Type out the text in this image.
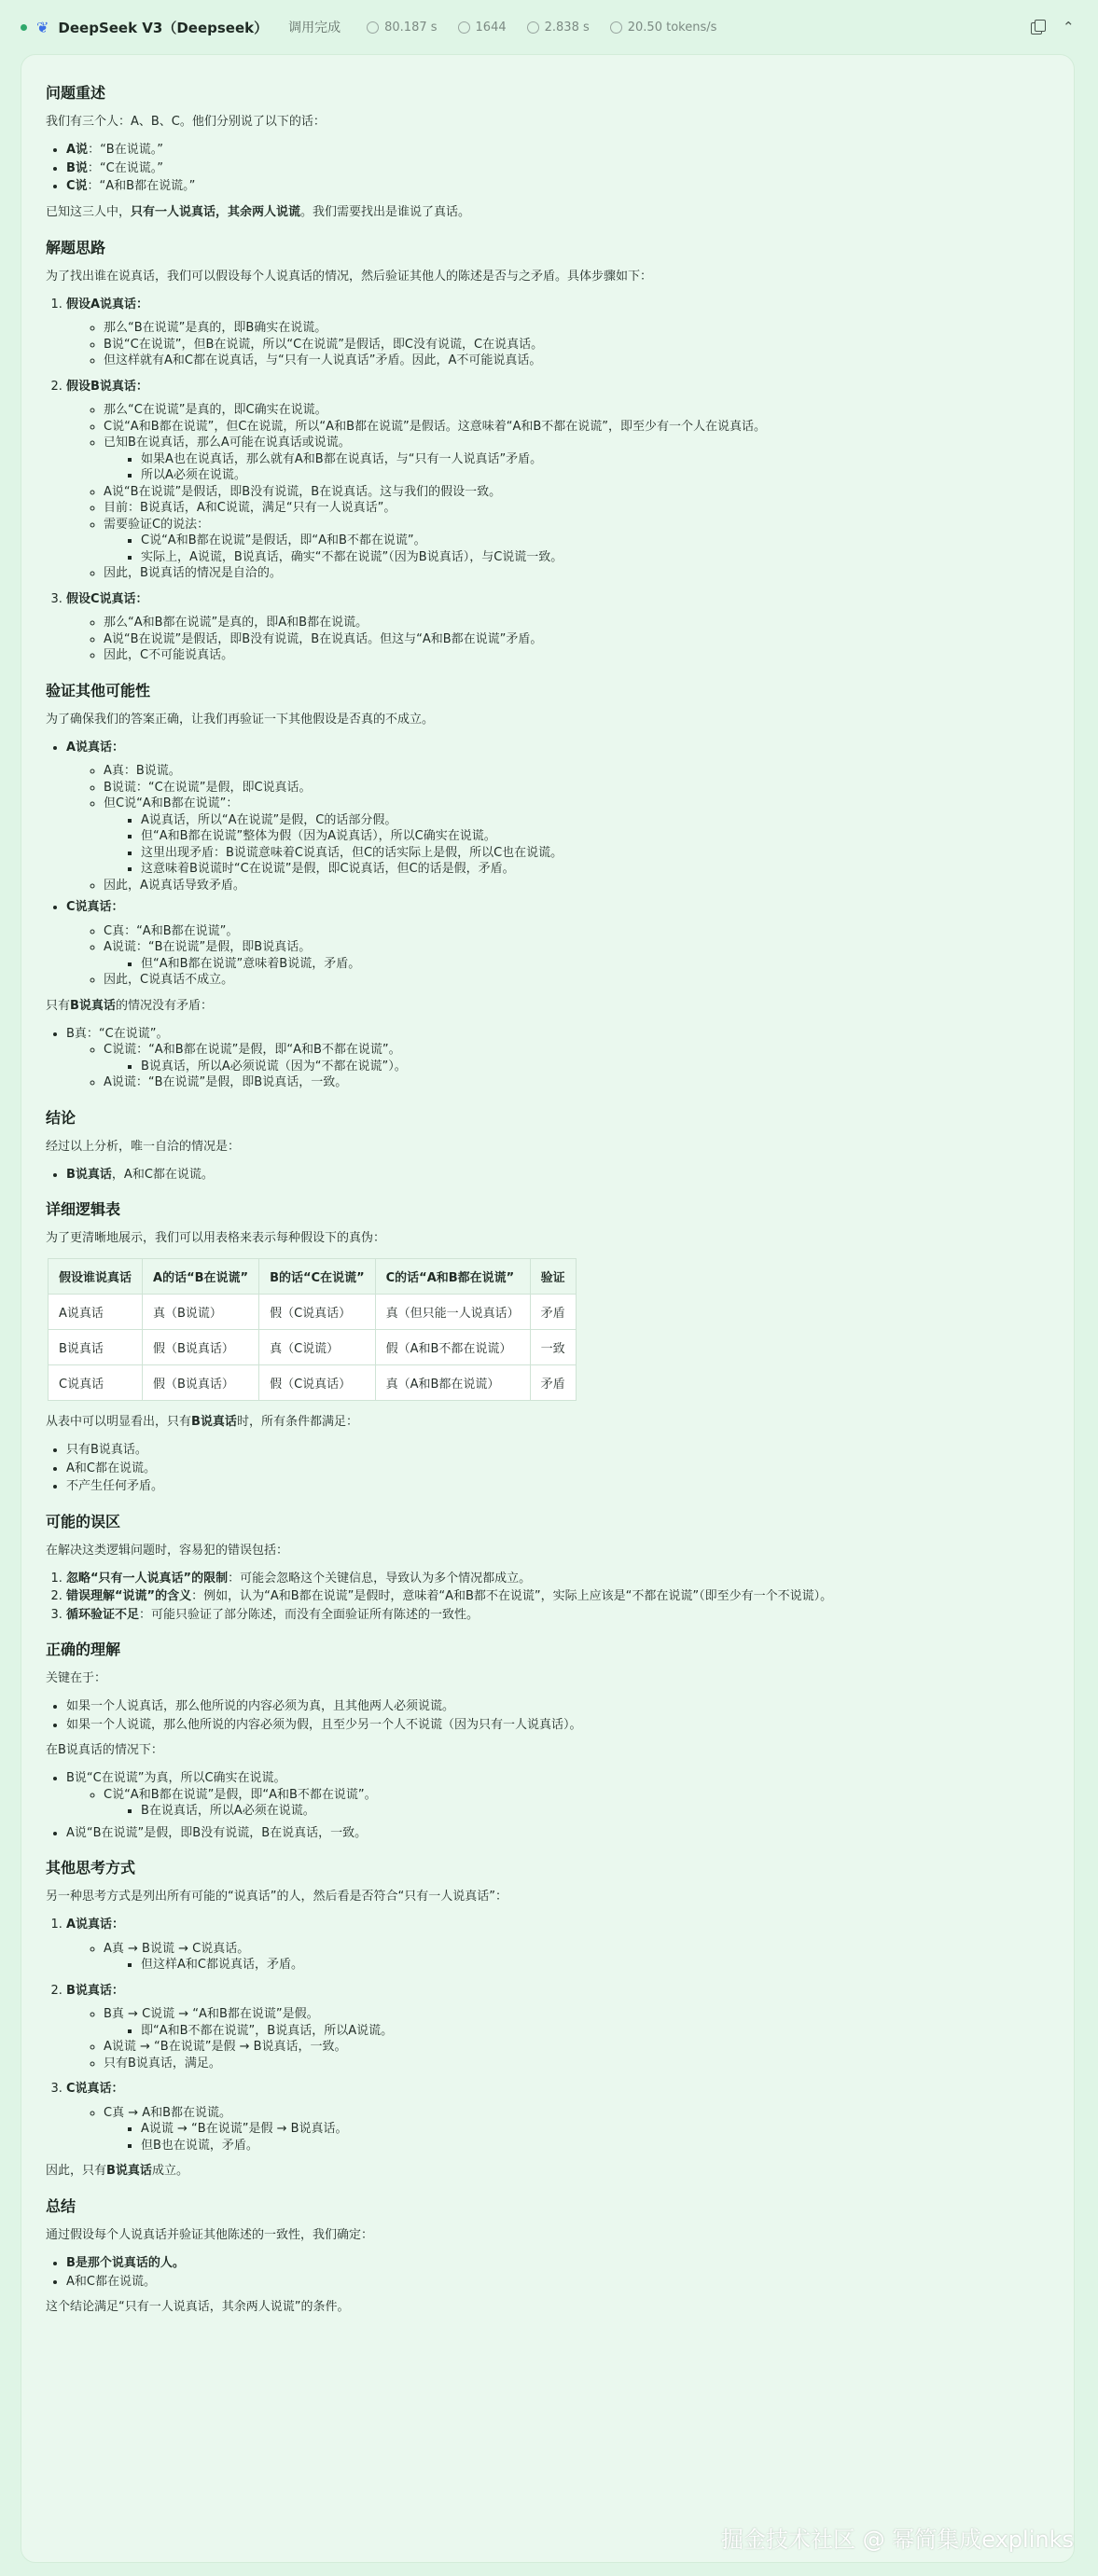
❦ DeepSeek V3（Deepseek） 调用完成	80.187 s	1644	2.838 s	20.50 tokens/s	⌃
问题重述

我们有三个人：A、B、C。他们分别说了以下的话：

• A说：“B在说谎。”
• B说：“C在说谎。”
• C说：“A和B都在说谎。”

已知这三人中，只有一人说真话，其余两人说谎。我们需要找出是谁说了真话。

解题思路

为了找出谁在说真话，我们可以假设每个人说真话的情况，然后验证其他人的陈述是否与之矛盾。具体步骤如下：

1. 假设A说真话：
◦ 那么“B在说谎”是真的，即B确实在说谎。
◦ B说“C在说谎”，但B在说谎，所以“C在说谎”是假话，即C没有说谎，C在说真话。
◦ 但这样就有A和C都在说真话，与“只有一人说真话”矛盾。因此，A不可能说真话。
2. 假设B说真话：
◦ 那么“C在说谎”是真的，即C确实在说谎。
◦ C说“A和B都在说谎”，但C在说谎，所以“A和B都在说谎”是假话。这意味着“A和B不都在说谎”，即至少有一个人在说真话。
◦ 已知B在说真话，那么A可能在说真话或说谎。
▪ 如果A也在说真话，那么就有A和B都在说真话，与“只有一人说真话”矛盾。
▪ 所以A必须在说谎。
◦ A说“B在说谎”是假话，即B没有说谎，B在说真话。这与我们的假设一致。
◦ 目前：B说真话，A和C说谎，满足“只有一人说真话”。
◦ 需要验证C的说法：
▪ C说“A和B都在说谎”是假话，即“A和B不都在说谎”。
▪ 实际上，A说谎，B说真话，确实“不都在说谎”（因为B说真话），与C说谎一致。
◦ 因此，B说真话的情况是自洽的。
3. 假设C说真话：
◦ 那么“A和B都在说谎”是真的，即A和B都在说谎。
◦ A说“B在说谎”是假话，即B没有说谎，B在说真话。但这与“A和B都在说谎”矛盾。
◦ 因此，C不可能说真话。
验证其他可能性

为了确保我们的答案正确，让我们再验证一下其他假设是否真的不成立。

• A说真话：
◦ A真：B说谎。
◦ B说谎：“C在说谎”是假，即C说真话。
◦ 但C说“A和B都在说谎”：
▪ A说真话，所以“A在说谎”是假，C的话部分假。
▪ 但“A和B都在说谎”整体为假（因为A说真话），所以C确实在说谎。
▪ 这里出现矛盾：B说谎意味着C说真话，但C的话实际上是假，所以C也在说谎。
▪ 这意味着B说谎时“C在说谎”是假，即C说真话，但C的话是假，矛盾。
◦ 因此，A说真话导致矛盾。
• C说真话：
◦ C真：“A和B都在说谎”。
◦ A说谎：“B在说谎”是假，即B说真话。
▪ 但“A和B都在说谎”意味着B说谎，矛盾。
◦ 因此，C说真话不成立。

只有B说真话的情况没有矛盾：

• B真：“C在说谎”。
◦ C说谎：“A和B都在说谎”是假，即“A和B不都在说谎”。
▪ B说真话，所以A必须说谎（因为“不都在说谎”）。
◦ A说谎：“B在说谎”是假，即B说真话，一致。
结论

经过以上分析，唯一自洽的情况是：

• B说真话，A和C都在说谎。
详细逻辑表

为了更清晰地展示，我们可以用表格来表示每种假设下的真伪：

假设谁说真话	A的话“B在说谎”	B的话“C在说谎”	C的话“A和B都在说谎”	验证
A说真话	真（B说谎）	假（C说真话）	真（但只能一人说真话）	矛盾
B说真话	假（B说真话）	真（C说谎）	假（A和B不都在说谎）	一致
C说真话	假（B说真话）	假（C说真话）	真（A和B都在说谎）	矛盾

从表中可以明显看出，只有B说真话时，所有条件都满足：

• 只有B说真话。
• A和C都在说谎。
• 不产生任何矛盾。
可能的误区

在解决这类逻辑问题时，容易犯的错误包括：

1. 忽略“只有一人说真话”的限制：可能会忽略这个关键信息，导致认为多个情况都成立。
2. 错误理解“说谎”的含义：例如，认为“A和B都在说谎”是假时，意味着“A和B都不在说谎”，实际上应该是“不都在说谎”（即至少有一个不说谎）。
3. 循环验证不足：可能只验证了部分陈述，而没有全面验证所有陈述的一致性。
正确的理解

关键在于：

• 如果一个人说真话，那么他所说的内容必须为真，且其他两人必须说谎。
• 如果一个人说谎，那么他所说的内容必须为假，且至少另一个人不说谎（因为只有一人说真话）。

在B说真话的情况下：

• B说“C在说谎”为真，所以C确实在说谎。
◦ C说“A和B都在说谎”是假，即“A和B不都在说谎”。
▪ B在说真话，所以A必须在说谎。
• A说“B在说谎”是假，即B没有说谎，B在说真话，一致。
其他思考方式

另一种思考方式是列出所有可能的“说真话”的人，然后看是否符合“只有一人说真话”：

1. A说真话：
◦ A真 → B说谎 → C说真话。
▪ 但这样A和C都说真话，矛盾。
2. B说真话：
◦ B真 → C说谎 → “A和B都在说谎”是假。
▪ 即“A和B不都在说谎”，B说真话，所以A说谎。
◦ A说谎 → “B在说谎”是假 → B说真话，一致。
◦ 只有B说真话，满足。
3. C说真话：
◦ C真 → A和B都在说谎。
▪ A说谎 → “B在说谎”是假 → B说真话。
▪ 但B也在说谎，矛盾。

因此，只有B说真话成立。

总结

通过假设每个人说真话并验证其他陈述的一致性，我们确定：

• B是那个说真话的人。
• A和C都在说谎。

这个结论满足“只有一人说真话，其余两人说谎”的条件。

掘金技术社区 @ 幂简集成explinks
